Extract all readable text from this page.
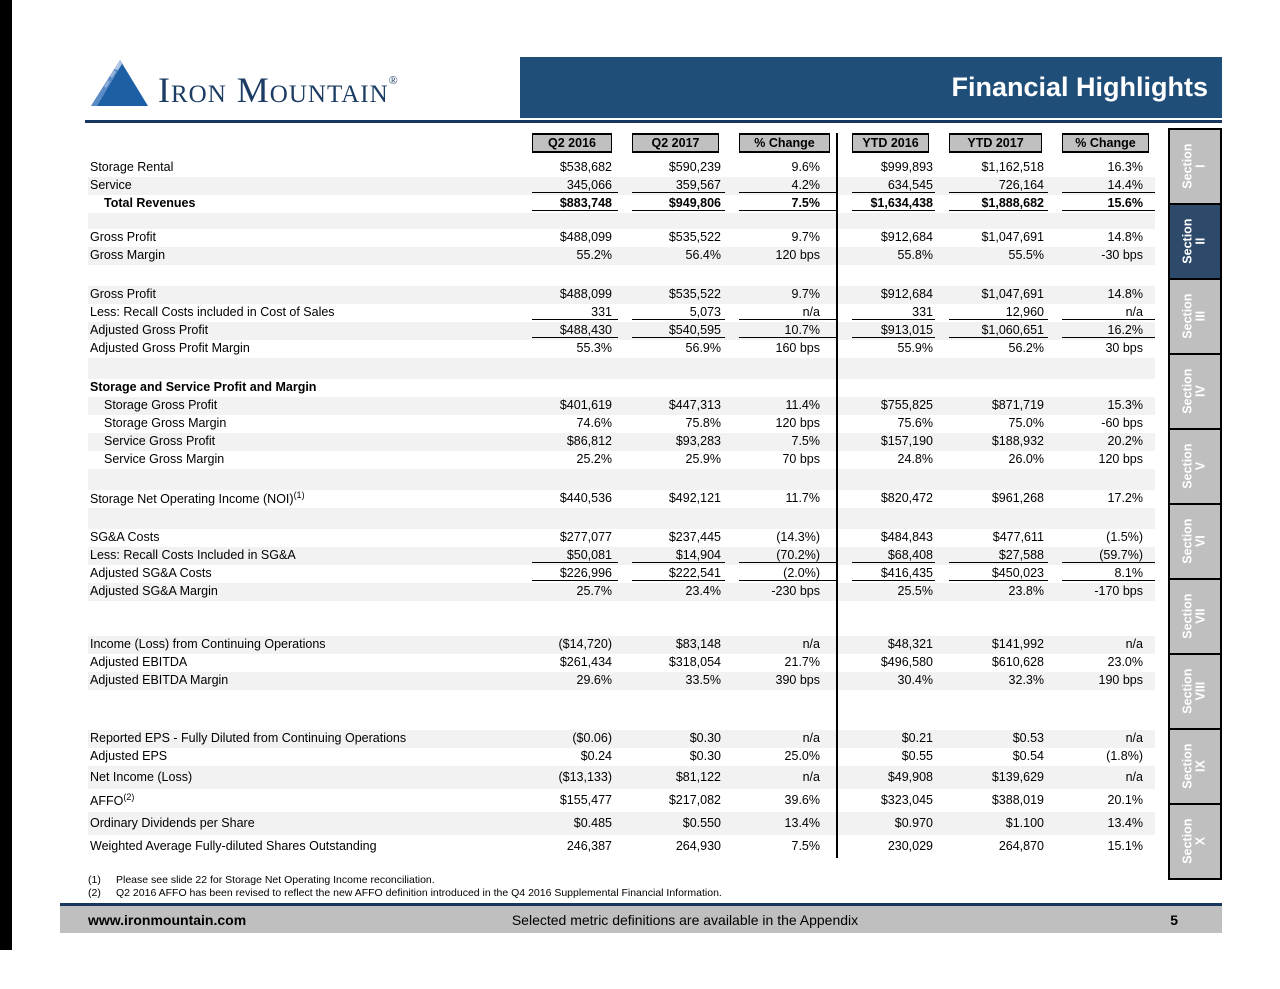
Iron Mountain®	Financial Highlights

	Q2 2016	Q2 2017	% Change	YTD 2016	YTD 2017	% Change

Storage Rental	$538,682	$590,239	9.6%	$999,893	$1,162,518	16.3%

Service	345,066	359,567	4.2%	634,545	726,164	14.4%

Total Revenues	$883,748	$949,806	7.5%	$1,634,438	$1,888,682	15.6%

Gross Profit	$488,099	$535,522	9.7%	$912,684	$1,047,691	14.8%

Gross Margin	55.2%	56.4%	120 bps	55.8%	55.5%	-30 bps

Gross Profit	$488,099	$535,522	9.7%	$912,684	$1,047,691	14.8%

Less: Recall Costs included in Cost of Sales	331	5,073	n/a	331	12,960	n/a

Adjusted Gross Profit	$488,430	$540,595	10.7%	$913,015	$1,060,651	16.2%

Adjusted Gross Profit Margin	55.3%	56.9%	160 bps	55.9%	56.2%	30 bps

Storage and Service Profit and Margin	

Storage Gross Profit	$401,619	$447,313	11.4%	$755,825	$871,719	15.3%

Storage Gross Margin	74.6%	75.8%	120 bps	75.6%	75.0%	-60 bps

Service Gross Profit	$86,812	$93,283	7.5%	$157,190	$188,932	20.2%

Service Gross Margin	25.2%	25.9%	70 bps	24.8%	26.0%	120 bps

Storage Net Operating Income (NOI)$^{(1)}$	$440,536	$492,121	11.7%	$820,472	$961,268	17.2%

SG&A Costs	$277,077	$237,445	(14.3%)	$484,843	$477,611	(1.5%)

Less: Recall Costs Included in SG&A	$50,081	$14,904	(70.2%)	$68,408	$27,588	(59.7%)

Adjusted SG&A Costs	$226,996	$222,541	(2.0%)	$416,435	$450,023	8.1%

Adjusted SG&A Margin	25.7%	23.4%	-230 bps	25.5%	23.8%	-170 bps

Income (Loss) from Continuing Operations	($14,720)	$83,148	n/a	$48,321	$141,992	n/a

Adjusted EBITDA	$261,434	$318,054	21.7%	$496,580	$610,628	23.0%

Adjusted EBITDA Margin	29.6%	33.5%	390 bps	30.4%	32.3%	190 bps

Reported EPS - Fully Diluted from Continuing Operations	($0.06)	$0.30	n/a	$0.21	$0.53	n/a

Adjusted EPS	$0.24	$0.30	25.0%	$0.55	$0.54	(1.8%)

Net Income (Loss)	($13,133)	$81,122	n/a	$49,908	$139,629	n/a

AFFO$^{(2)}$	$155,477	$217,082	39.6%	$323,045	$388,019	20.1%

Ordinary Dividends per Share	$0.485	$0.550	13.4%	$0.970	$1.100	13.4%

Weighted Average Fully-diluted Shares Outstanding	246,387	264,930	7.5%	230,029	264,870	15.1%
Section I
Section II
Section III
Section IV
Section V
Section VI
Section VII
Section VIII
Section IX
Section X
(1)	Please see slide 22 for Storage Net Operating Income reconciliation.
(2)	Q2 2016 AFFO has been revised to reflect the new AFFO definition introduced in the Q4 2016 Supplemental Financial Information.
www.ironmountain.com	Selected metric definitions are available in the Appendix	5
